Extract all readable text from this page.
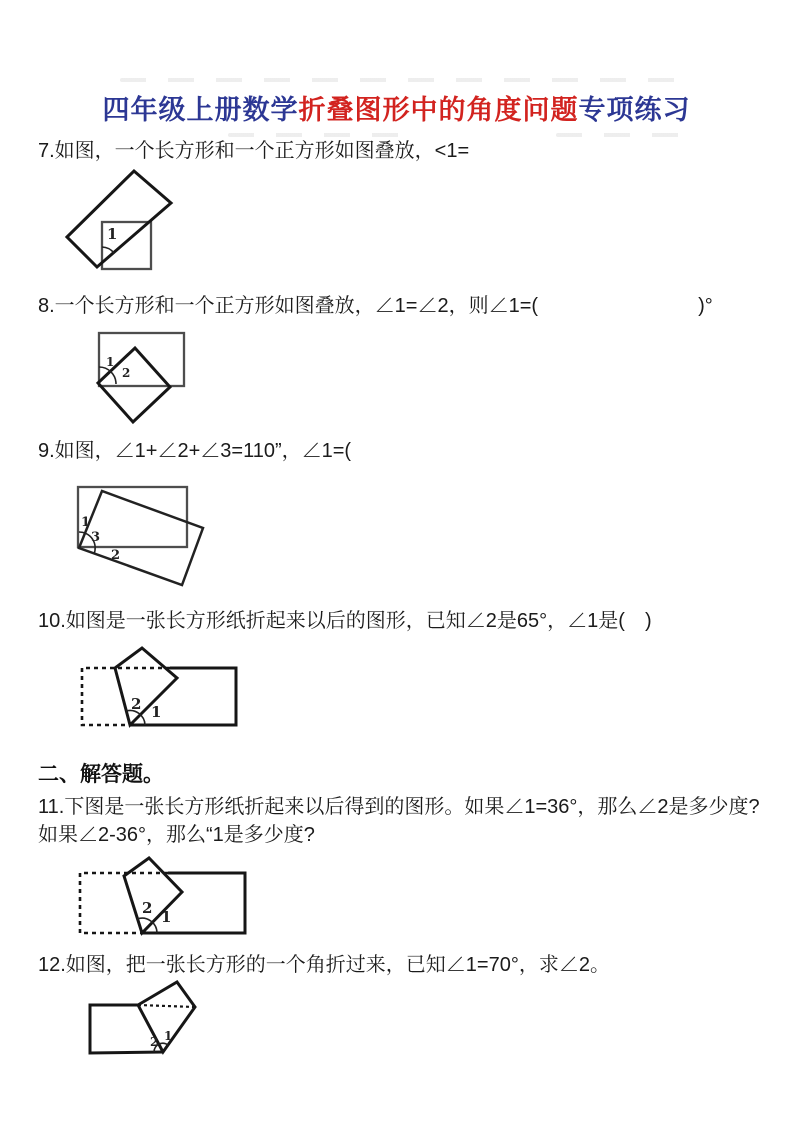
四年级上册数学折叠图形中的角度问题专项练习
7.如图，一个长方形和一个正方形如图叠放，<1=
1
8.一个长方形和一个正方形如图叠放，∠1=∠2，则∠1=(　　　　　　　　)°
1
2
9.如图，∠1+∠2+∠3=110”，∠1=(
1
3
2
10.如图是一张长方形纸折起来以后的图形，已知∠2是65°，∠1是(　)
2 1
二、解答题。
11.下图是一张长方形纸折起来以后得到的图形。如果∠1=36°，那么∠2是多少度?如果∠2-36°，那么“1是多少度?
2 1
12.如图，把一张长方形的一个角折过来，已知∠1=70°，求∠2。
2 1
